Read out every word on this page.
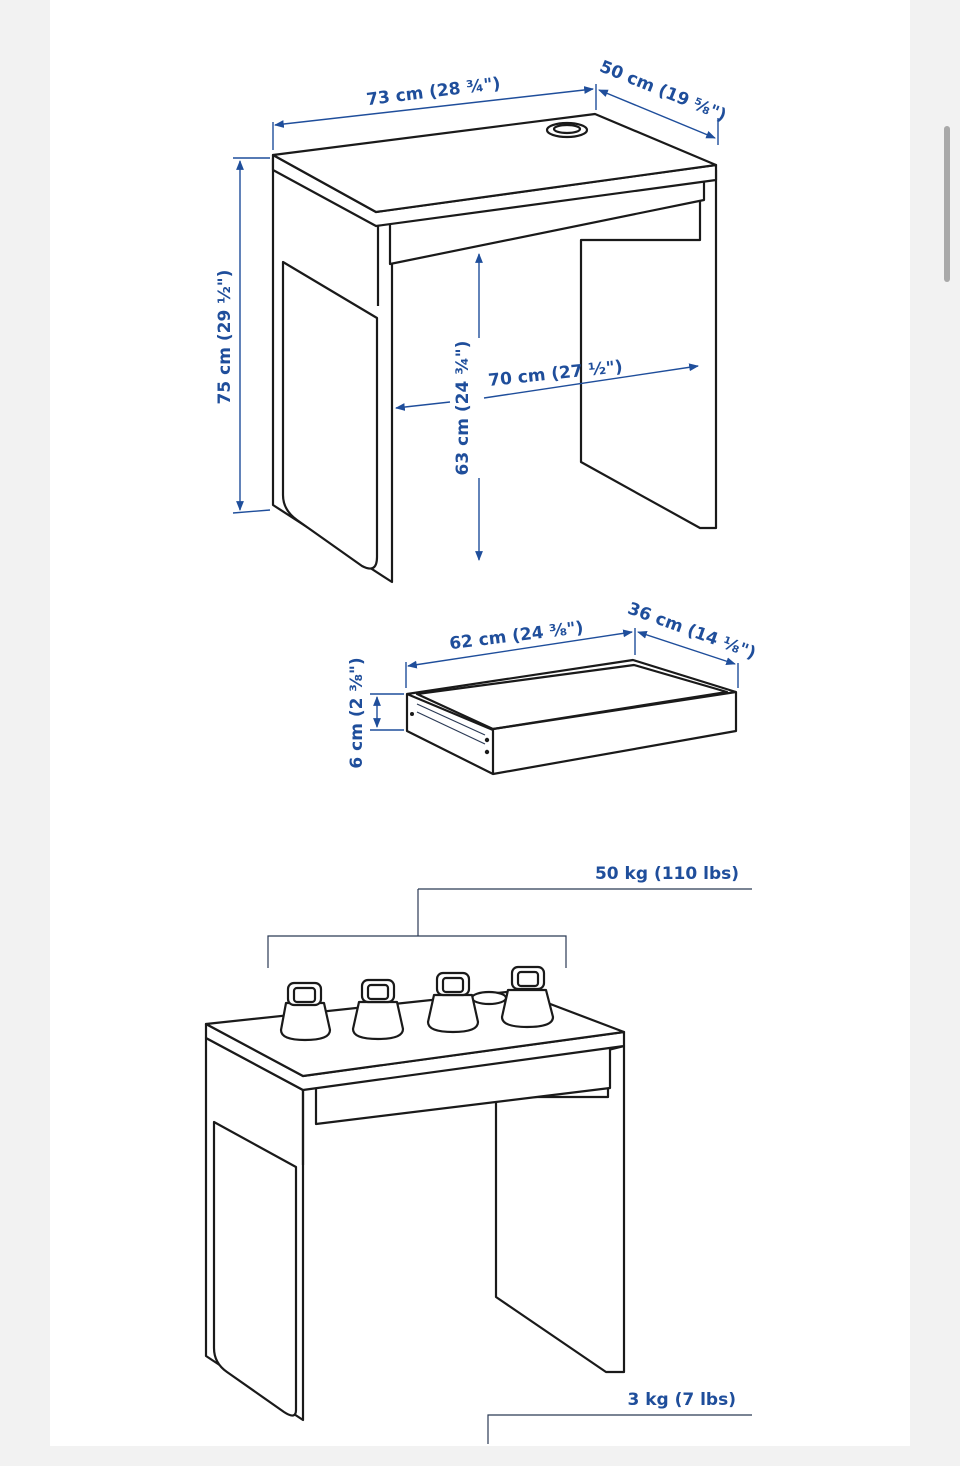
73 cm (28 ¾")	50 cm (19 ⅝")
75 cm (29 ½")
63 cm (24 ¾") 70 cm (27 ½")
62 cm (24 ⅜") 36 cm (14 ⅛")
6 cm (2 ⅜")
50 kg (110 lbs)
3 kg (7 lbs)
